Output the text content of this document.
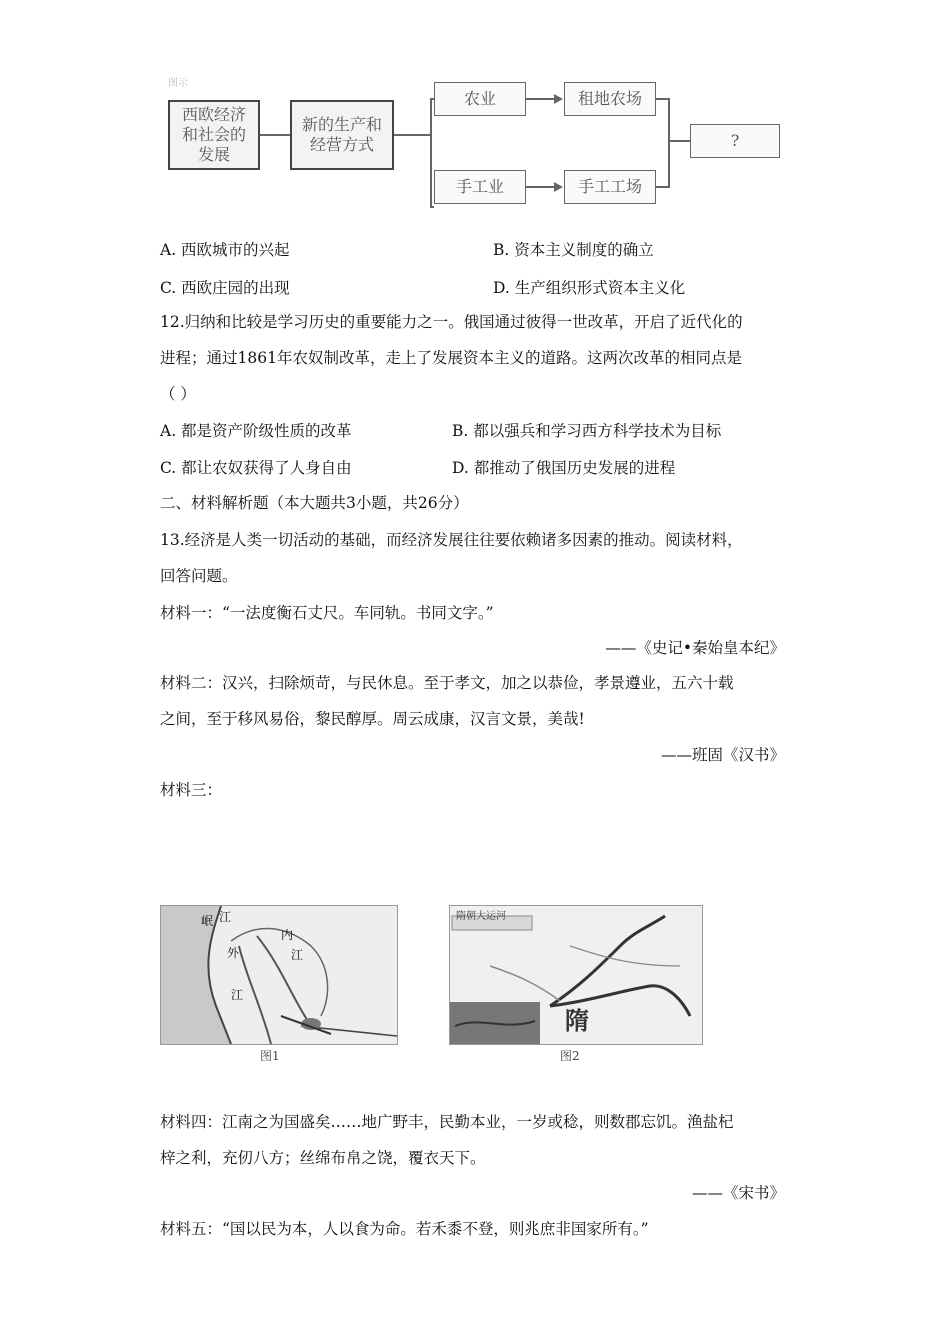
图示
西欧经济
和社会的
发展
新的生产和
经营方式
农业
手工业
租地农场
手工工场
?
A. 西欧城市的兴起	B. 资本主义制度的确立
C. 西欧庄园的出现	D. 生产组织形式资本主义化
12.归纳和比较是学习历史的重要能力之一。俄国通过彼得一世改革，开启了近代化的
进程；通过1861年农奴制改革，走上了发展资本主义的道路。这两次改革的相同点是
（ ）
A. 都是资产阶级性质的改革	B. 都以强兵和学习西方科学技术为目标
C. 都让农奴获得了人身自由	D. 都推动了俄国历史发展的进程
二、材料解析题（本大题共3小题，共26分）
13.经济是人类一切活动的基础，而经济发展往往要依赖诸多因素的推动。阅读材料，
回答问题。
材料一：“一法度衡石丈尺。车同轨。书同文字。”
——《史记•秦始皇本纪》
材料二：汉兴，扫除烦苛，与民休息。至于孝文，加之以恭俭，孝景遵业，五六十载
之间，至于移风易俗，黎民醇厚。周云成康，汉言文景，美哉!
——班固《汉书》
材料三：
岷 江
外
内
江
江
图1
隋朝大运河
隋
图2
材料四：江南之为国盛矣……地广野丰，民勤本业，一岁或稔，则数郡忘饥。渔盐杞
梓之利，充仞八方；丝绵布帛之饶，覆衣天下。
——《宋书》
材料五：“国以民为本，人以食为命。若禾黍不登，则兆庶非国家所有。”
